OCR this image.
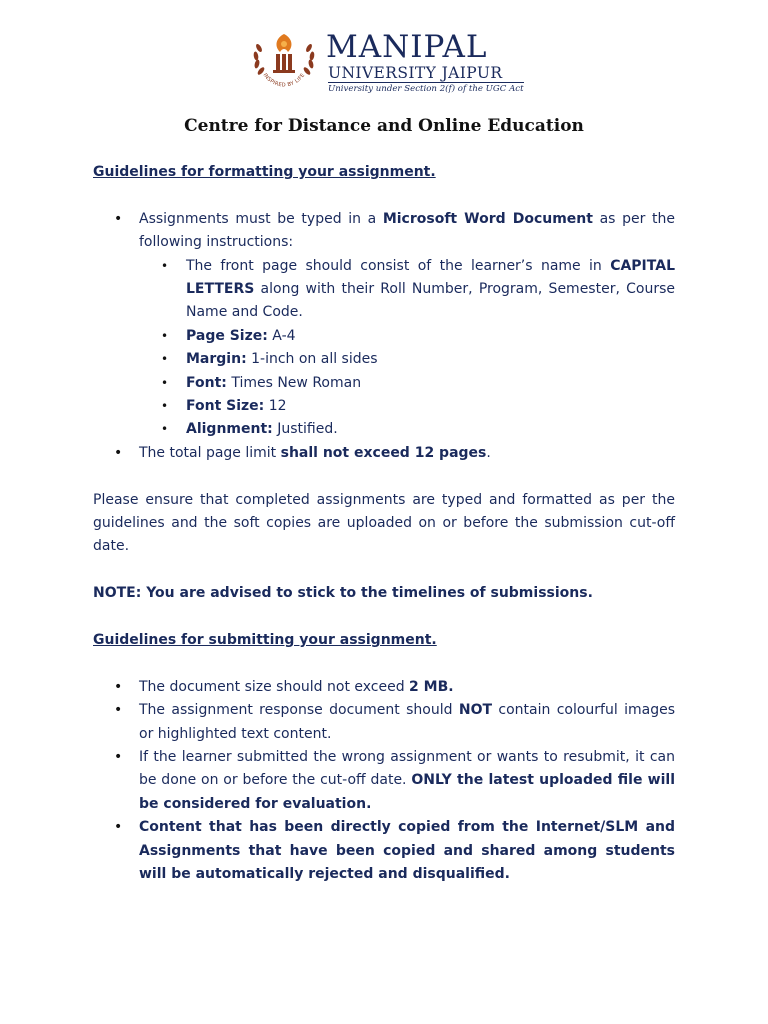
INSPIRED BY LIFE
MANIPAL
UNIVERSITY JAIPUR
University under Section 2(f) of the UGC Act
Centre for Distance and Online Education
Guidelines for formatting your assignment.
• Assignments must be typed in a Microsoft Word Document as per the following instructions:
• The front page should consist of the learner’s name in CAPITAL LETTERS along with their Roll Number, Program, Semester, Course Name and Code.
• Page Size: A-4
• Margin: 1-inch on all sides
• Font: Times New Roman
• Font Size: 12
• Alignment: Justified.
• The total page limit shall not exceed 12 pages.

Please ensure that completed assignments are typed and formatted as per the guidelines and the soft copies are uploaded on or before the submission cut-off date.

NOTE: You are advised to stick to the timelines of submissions.
Guidelines for submitting your assignment.
• The document size should not exceed 2 MB.
• The assignment response document should NOT contain colourful images or highlighted text content.
• If the learner submitted the wrong assignment or wants to resubmit, it can be done on or before the cut-off date. ONLY the latest uploaded file will be considered for evaluation.
• Content that has been directly copied from the Internet/SLM and Assignments that have been copied and shared among students will be automatically rejected and disqualified.
